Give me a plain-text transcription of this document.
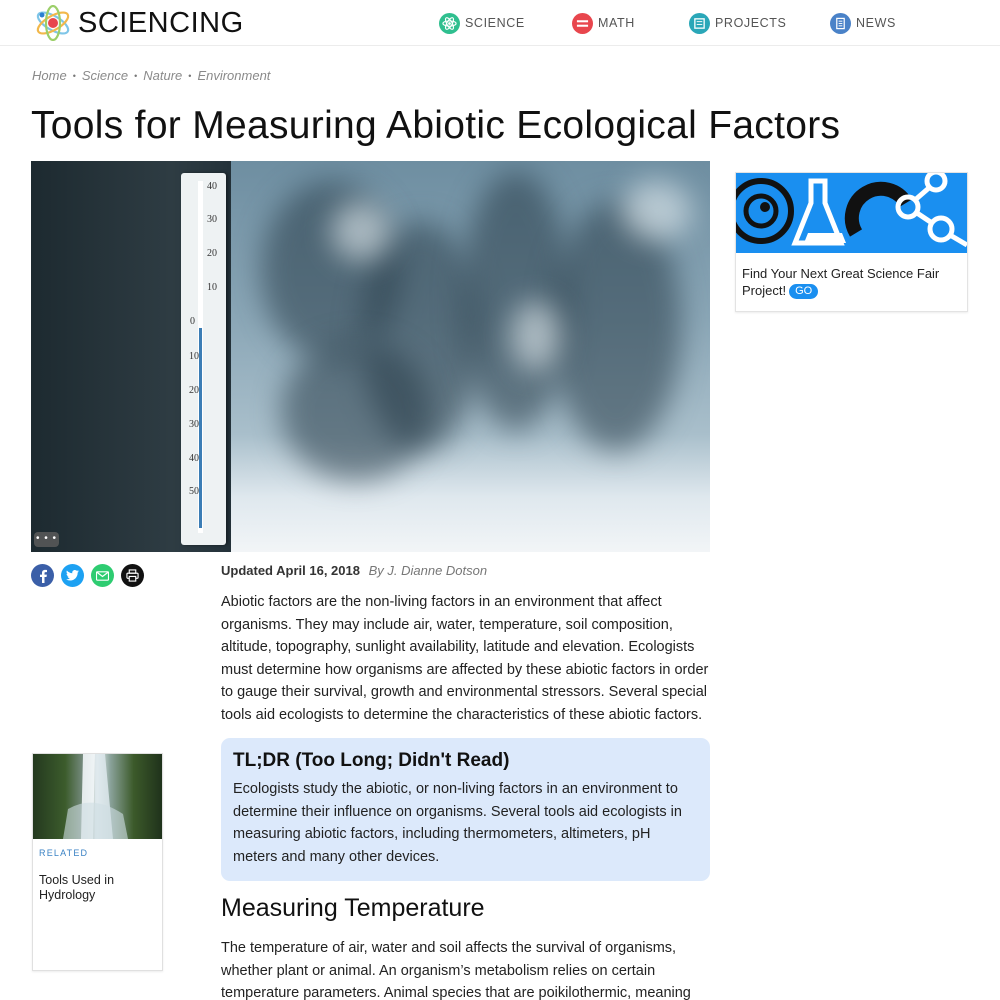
SCIENCING	SCIENCE	MATH	PROJECTS	NEWS
Home • Science • Nature • Environment
Tools for Measuring Abiotic Ecological Factors
40
30
20
10
0
10
20
30
40
50
• • •
Updated April 16, 2018 By J. Dianne Dotson

Abiotic factors are the non-living factors in an environment that affect organisms. They may include air, water, temperature, soil composition, altitude, topography, sunlight availability, latitude and elevation. Ecologists must determine how organisms are affected by these abiotic factors in order to gauge their survival, growth and environmental stressors. Several special tools aid ecologists to determine the characteristics of these abiotic factors.

TL;DR (Too Long; Didn't Read)
Ecologists study the abiotic, or non-living factors in an environment to determine their influence on organisms. Several tools aid ecologists in measuring abiotic factors, including thermometers, altimeters, pH meters and many other devices.
Measuring Temperature

The temperature of air, water and soil affects the survival of organisms, whether plant or animal. An organism’s metabolism relies on certain temperature parameters. Animal species that are poikilothermic, meaning

Find Your Next Great Science Fair Project! GO
RELATED
Tools Used in Hydrology
